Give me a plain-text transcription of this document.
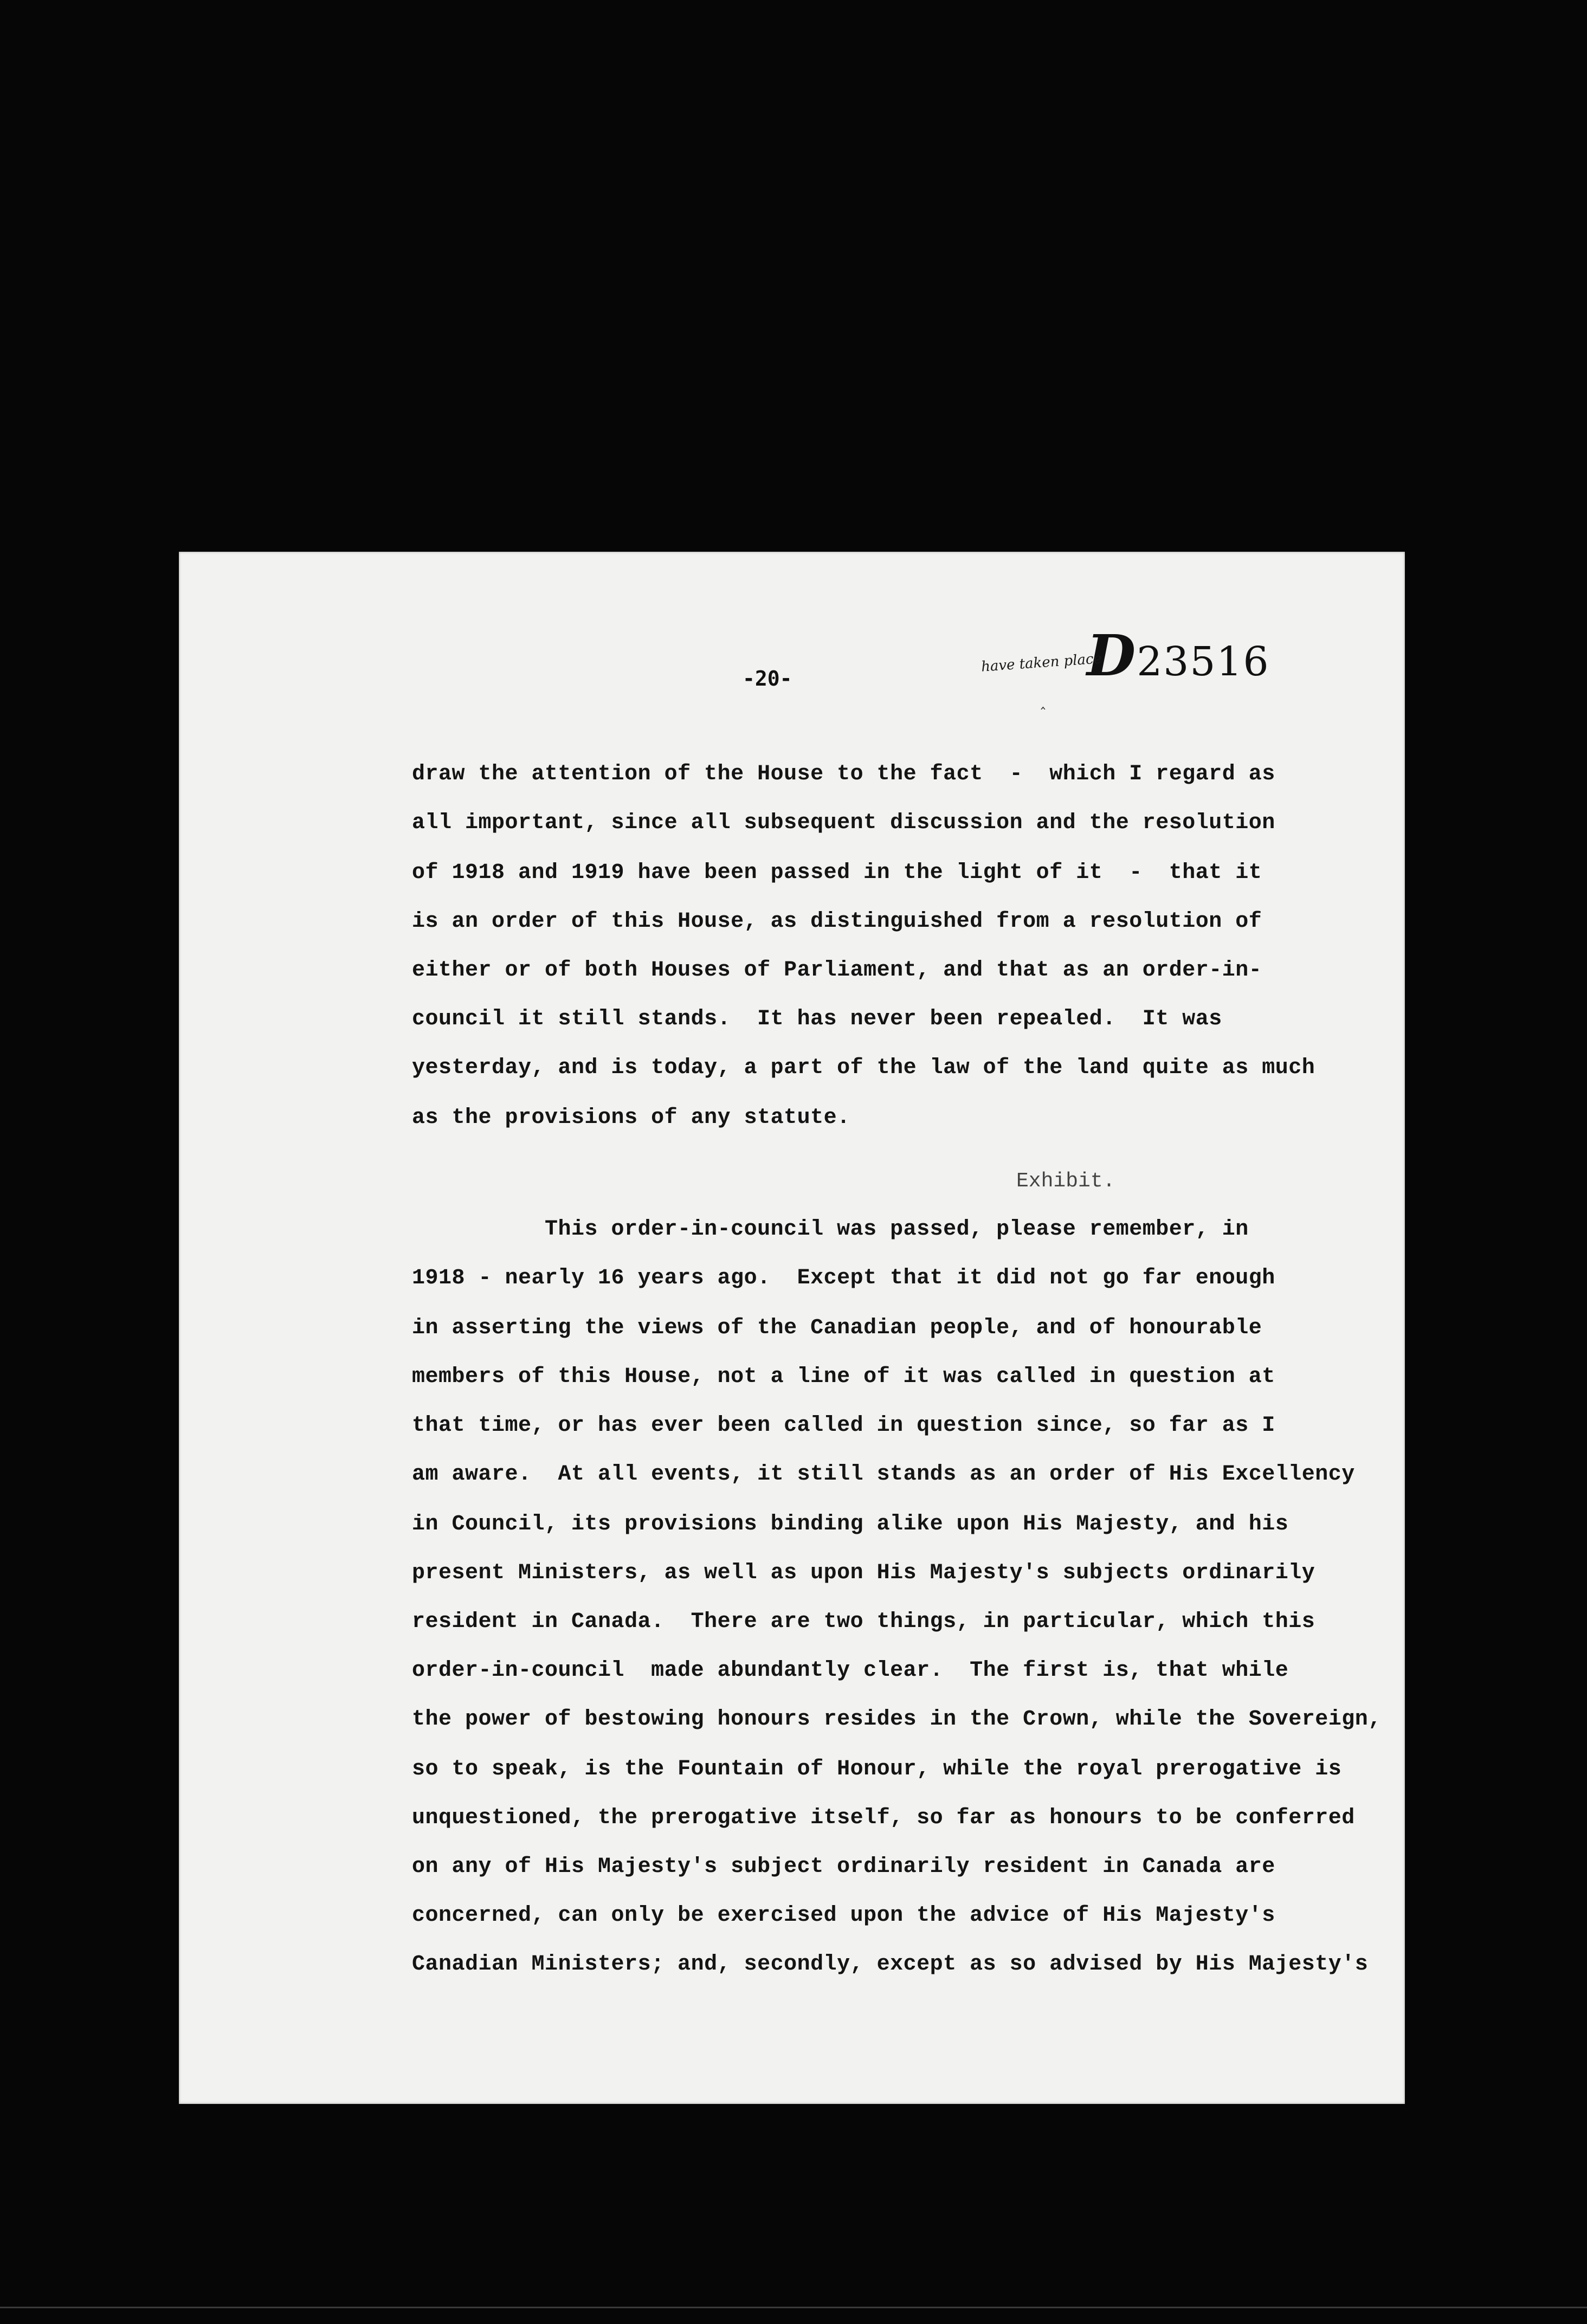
-20-	D23516
have taken place
‸
draw the attention of the House to the fact  -  which I regard as
all important, since all subsequent discussion and the resolution
of 1918 and 1919 have been passed in the light of it  -  that it
is an order of this House, as distinguished from a resolution of
either or of both Houses of Parliament, and that as an order-in-
council it still stands.  It has never been repealed.  It was
yesterday, and is today, a part of the law of the land quite as much
as the provisions of any statute.
Exhibit.
This order-in-council was passed, please remember, in
1918 - nearly 16 years ago.  Except that it did not go far enough
in asserting the views of the Canadian people, and of honourable
members of this House, not a line of it was called in question at
that time, or has ever been called in question since, so far as I
am aware.  At all events, it still stands as an order of His Excellency
in Council, its provisions binding alike upon His Majesty, and his
present Ministers, as well as upon His Majesty's subjects ordinarily
resident in Canada.  There are two things, in particular, which this
order-in-council  made abundantly clear.  The first is, that while
the power of bestowing honours resides in the Crown, while the Sovereign,
so to speak, is the Fountain of Honour, while the royal prerogative is
unquestioned, the prerogative itself, so far as honours to be conferred
on any of His Majesty's subject ordinarily resident in Canada are
concerned, can only be exercised upon the advice of His Majesty's
Canadian Ministers; and, secondly, except as so advised by His Majesty's
